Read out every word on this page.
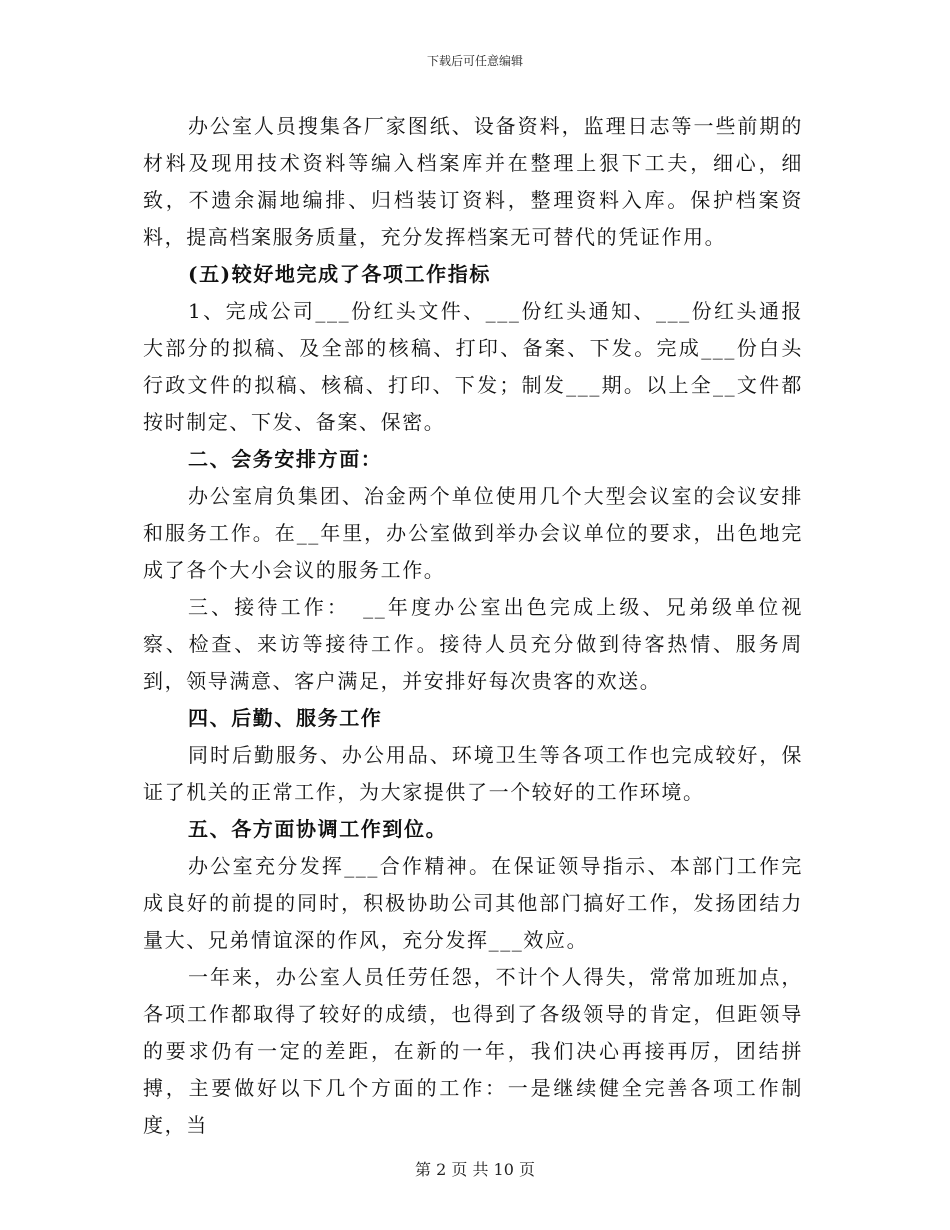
下载后可任意编辑

办公室人员搜集各厂家图纸、设备资料，监理日志等一些前期的材料及现用技术资料等编入档案库并在整理上狠下工夫，细心，细致，不遗余漏地编排、归档装订资料，整理资料入库。保护档案资料，提高档案服务质量，充分发挥档案无可替代的凭证作用。

(五)较好地完成了各项工作指标

1、完成公司___份红头文件、___份红头通知、___份红头通报大部分的拟稿、及全部的核稿、打印、备案、下发。完成___份白头行政文件的拟稿、核稿、打印、下发；制发___期。以上全__文件都按时制定、下发、备案、保密。

二、会务安排方面：

办公室肩负集团、冶金两个单位使用几个大型会议室的会议安排和服务工作。在__年里，办公室做到举办会议单位的要求，出色地完成了各个大小会议的服务工作。

三、接待工作：　__年度办公室出色完成上级、兄弟级单位视察、检查、来访等接待工作。接待人员充分做到待客热情、服务周到，领导满意、客户满足，并安排好每次贵客的欢送。

四、后勤、服务工作

同时后勤服务、办公用品、环境卫生等各项工作也完成较好，保证了机关的正常工作，为大家提供了一个较好的工作环境。

五、各方面协调工作到位。

办公室充分发挥___合作精神。在保证领导指示、本部门工作完成良好的前提的同时，积极协助公司其他部门搞好工作，发扬团结力量大、兄弟情谊深的作风，充分发挥___效应。

一年来，办公室人员任劳任怨，不计个人得失，常常加班加点，各项工作都取得了较好的成绩，也得到了各级领导的肯定，但距领导的要求仍有一定的差距，在新的一年，我们决心再接再厉，团结拼搏，主要做好以下几个方面的工作：一是继续健全完善各项工作制度，当

第 2 页 共 10 页
